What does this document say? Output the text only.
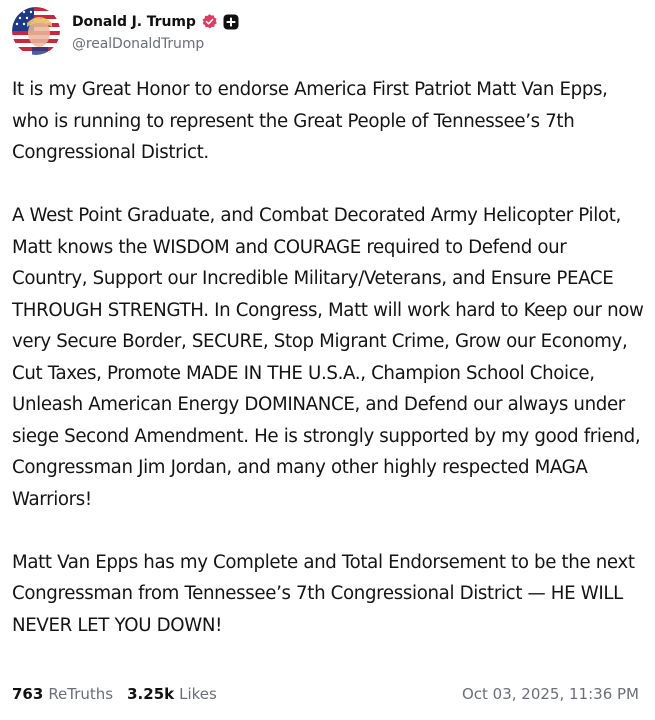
Donald J. Trump
@realDonaldTrump

It is my Great Honor to endorse America First Patriot Matt Van Epps, who is running to represent the Great People of Tennessee’s 7th Congressional District.

A West Point Graduate, and Combat Decorated Army Helicopter Pilot, Matt knows the WISDOM and COURAGE required to Defend our Country, Support our Incredible Military/Veterans, and Ensure PEACE THROUGH STRENGTH. In Congress, Matt will work hard to Keep our now very Secure Border, SECURE, Stop Migrant Crime, Grow our Economy, Cut Taxes, Promote MADE IN THE U.S.A., Champion School Choice, Unleash American Energy DOMINANCE, and Defend our always under siege Second Amendment. He is strongly supported by my good friend, Congressman Jim Jordan, and many other highly respected MAGA Warriors!

Matt Van Epps has my Complete and Total Endorsement to be the next Congressman from Tennessee’s 7th Congressional District — HE WILL NEVER LET YOU DOWN!

763 ReTruths 3.25k Likes	Oct 03, 2025, 11:36 PM
